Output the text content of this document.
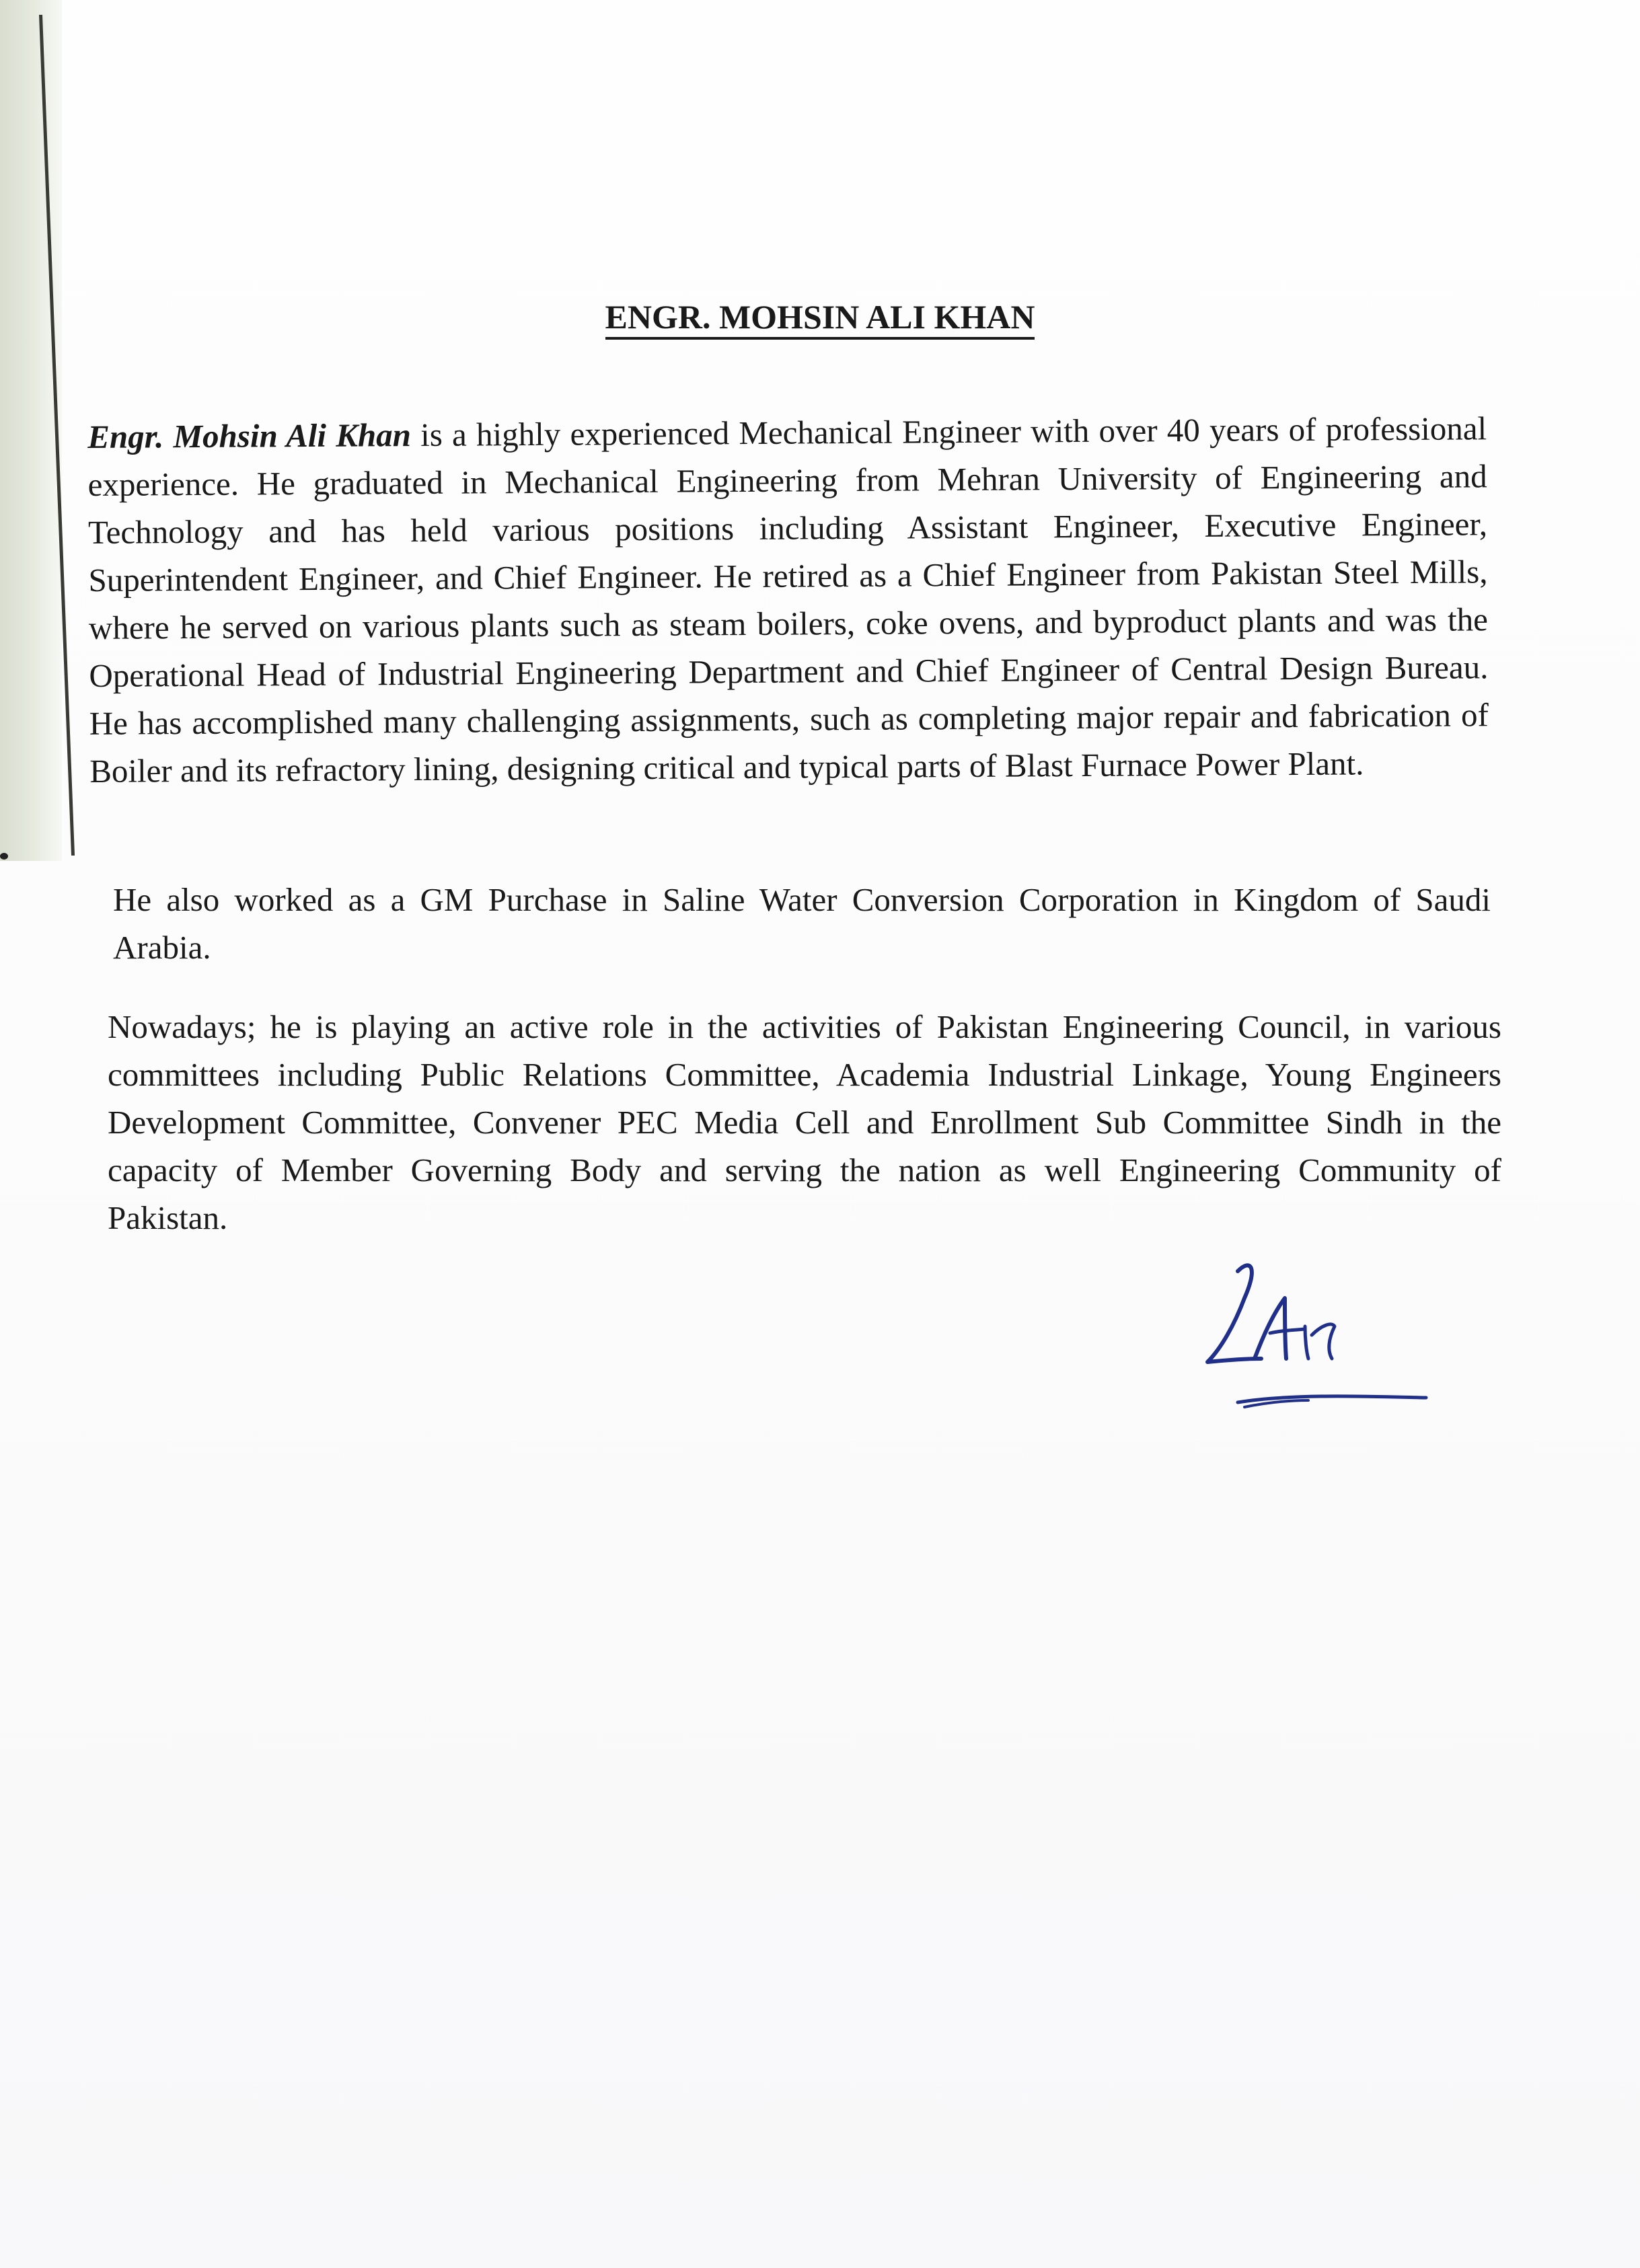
ENGR. MOHSIN ALI KHAN

Engr. Mohsin Ali Khan is a highly experienced Mechanical Engineer with over 40 years of professional experience. He graduated in Mechanical Engineering from Mehran University of Engineering and Technology and has held various positions including Assistant Engineer, Executive Engineer, Superintendent Engineer, and Chief Engineer. He retired as a Chief Engineer from Pakistan Steel Mills, where he served on various plants such as steam boilers, coke ovens, and byproduct plants and was the Operational Head of Industrial Engineering Department and Chief Engineer of Central Design Bureau. He has accomplished many challenging assignments, such as completing major repair and fabrication of Boiler and its refractory lining, designing critical and typical parts of Blast Furnace Power Plant.

He also worked as a GM Purchase in Saline Water Conversion Corporation in Kingdom of Saudi Arabia.

Nowadays; he is playing an active role in the activities of Pakistan Engineering Council, in various committees including Public Relations Committee, Academia Industrial Linkage, Young Engineers Development Committee, Convener PEC Media Cell and Enrollment Sub Committee Sindh in the capacity of Member Governing Body and serving the nation as well Engineering Community of Pakistan.
